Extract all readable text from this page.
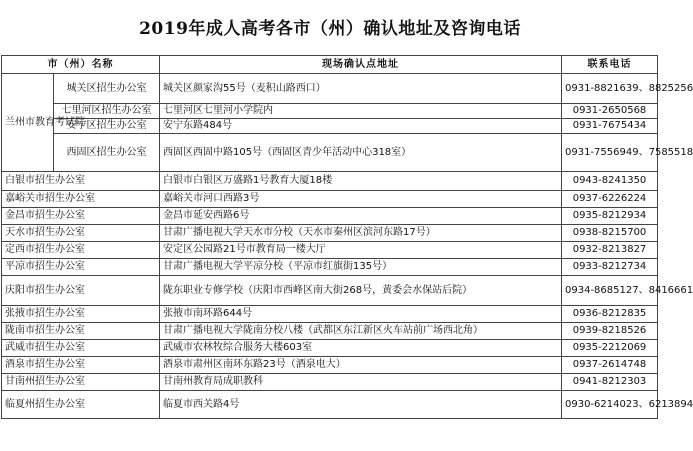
2019年成人高考各市（州）确认地址及咨询电话
市（州）名称		现场确认点地址	联系电话
兰州市教育考试院	城关区招生办公室	城关区颜家沟55号（麦积山路西口）	0931-8821639、8825256
	七里河区招生办公室	七里河区七里河小学院内	0931-2650568
	安宁区招生办公室	安宁东路484号	0931-7675434
	西固区招生办公室	西固区西固中路105号（西固区青少年活动中心318室）	0931-7556949、7585518
白银市招生办公室		白银市白银区万盛路1号教育大厦18楼	0943-8241350
嘉峪关市招生办公室		嘉峪关市河口西路3号	0937-6226224
金昌市招生办公室		金昌市延安西路6号	0935-8212934
天水市招生办公室		甘肃广播电视大学天水市分校（天水市秦州区滨河东路17号）	0938-8215700
定西市招生办公室		安定区公园路21号市教育局一楼大厅	0932-8213827
平凉市招生办公室		甘肃广播电视大学平凉分校（平凉市红旗街135号）	0933-8212734
庆阳市招生办公室		陇东职业专修学校（庆阳市西峰区南大街268号，黄委会水保站后院）	0934-8685127、8416661
张掖市招生办公室		张掖市南环路644号	0936-8212835
陇南市招生办公室		甘肃广播电视大学陇南分校八楼（武都区东江新区火车站前广场西北角）	0939-8218526
武威市招生办公室		武威市农林牧综合服务大楼603室	0935-2212069
酒泉市招生办公室		酒泉市肃州区南环东路23号（酒泉电大）	0937-2614748
甘南州招生办公室		甘南州教育局成职教科	0941-8212303
临夏州招生办公室		临夏市西关路4号	0930-6214023、6213894
